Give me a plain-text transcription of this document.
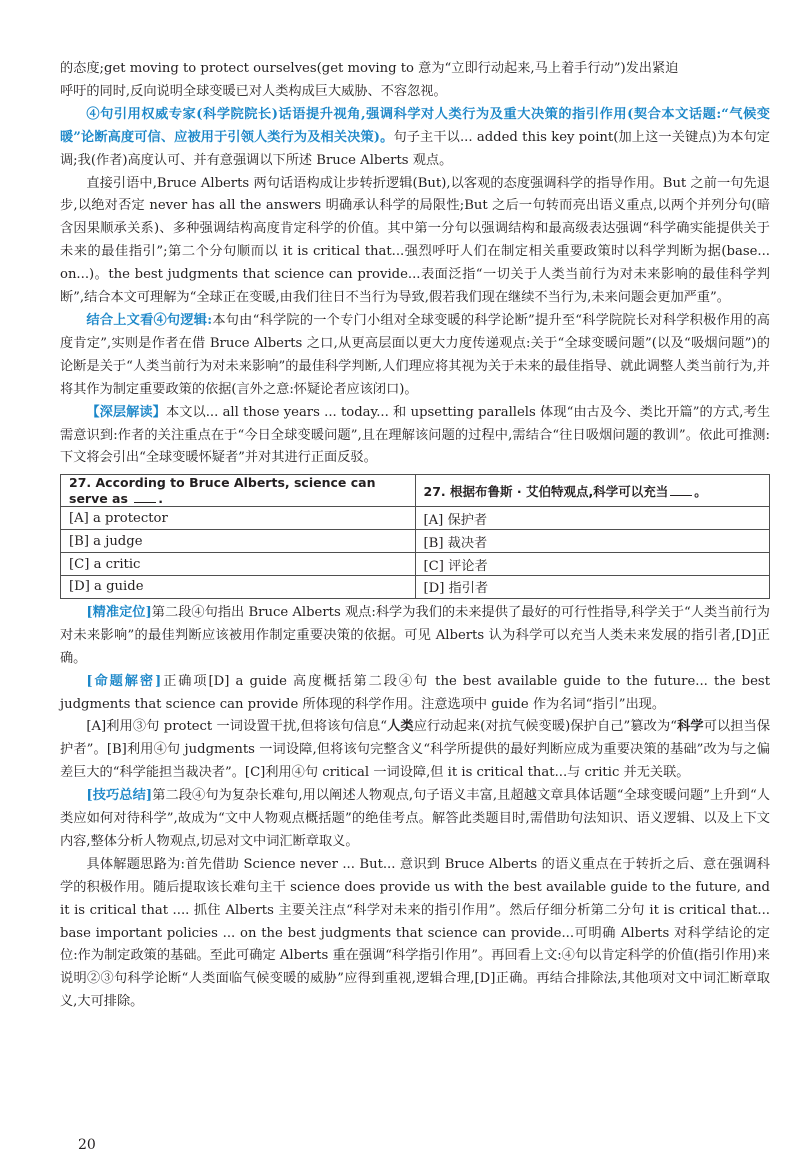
的态度;get moving to protect ourselves(get moving to 意为“立即行动起来,马上着手行动”)发出紧迫
呼吁的同时,反向说明全球变暖已对人类构成巨大威胁、不容忽视。

④句引用权威专家(科学院院长)话语提升视角,强调科学对人类行为及重大决策的指引作用(契合本文话题:“气候变暖”论断高度可信、应被用于引领人类行为及相关决策)。句子主干以... added this key point(加上这一关键点)为本句定调;我(作者)高度认可、并有意强调以下所述 Bruce Alberts 观点。

直接引语中,Bruce Alberts 两句话语构成让步转折逻辑(But),以客观的态度强调科学的指导作用。But 之前一句先退步,以绝对否定 never has all the answers 明确承认科学的局限性;But 之后一句转而亮出语义重点,以两个并列分句(暗含因果顺承关系)、多种强调结构高度肯定科学的价值。其中第一分句以强调结构和最高级表达强调“科学确实能提供关于未来的最佳指引”;第二个分句顺而以 it is critical that...强烈呼吁人们在制定相关重要政策时以科学判断为据(base... on...)。the best judgments that science can provide...表面泛指“一切关于人类当前行为对未来影响的最佳科学判断”,结合本文可理解为“全球正在变暖,由我们往日不当行为导致,假若我们现在继续不当行为,未来问题会更加严重”。

结合上文看④句逻辑:本句由“科学院的一个专门小组对全球变暖的科学论断”提升至“科学院院长对科学积极作用的高度肯定”,实则是作者在借 Bruce Alberts 之口,从更高层面以更大力度传递观点:关于“全球变暖问题”(以及“吸烟问题”)的论断是关于“人类当前行为对未来影响”的最佳科学判断,人们理应将其视为关于未来的最佳指导、就此调整人类当前行为,并将其作为制定重要政策的依据(言外之意:怀疑论者应该闭口)。

【深层解读】本文以... all those years ... today... 和 upsetting parallels 体现“由古及今、类比开篇”的方式,考生需意识到:作者的关注重点在于“今日全球变暖问题”,且在理解该问题的过程中,需结合“往日吸烟问题的教训”。依此可推测:下文将会引出“全球变暖怀疑者”并对其进行正面反驳。

27. According to Bruce Alberts, science can serve as .	27. 根据布鲁斯 · 艾伯特观点,科学可以充当 。
[A] a protector	[A] 保护者
[B] a judge	[B] 裁决者
[C] a critic	[C] 评论者
[D] a guide	[D] 指引者

[精准定位]第二段④句指出 Bruce Alberts 观点:科学为我们的未来提供了最好的可行性指导,科学关于“人类当前行为对未来影响”的最佳判断应该被用作制定重要决策的依据。可见 Alberts 认为科学可以充当人类未来发展的指引者,[D]正确。

[命题解密]正确项[D] a guide 高度概括第二段④句 the best available guide to the future... the best judgments that science can provide 所体现的科学作用。注意选项中 guide 作为名词“指引”出现。

[A]利用③句 protect 一词设置干扰,但将该句信息“人类应行动起来(对抗气候变暖)保护自己”篡改为“科学可以担当保护者”。[B]利用④句 judgments 一词设障,但将该句完整含义“科学所提供的最好判断应成为重要决策的基础”改为与之偏差巨大的“科学能担当裁决者”。[C]利用④句 critical 一词设障,但 it is critical that...与 critic 并无关联。

[技巧总结]第二段④句为复杂长难句,用以阐述人物观点,句子语义丰富,且超越文章具体话题“全球变暖问题”上升到“人类应如何对待科学”,故成为“文中人物观点概括题”的绝佳考点。解答此类题目时,需借助句法知识、语义逻辑、以及上下文内容,整体分析人物观点,切忌对文中词汇断章取义。

具体解题思路为:首先借助 Science never ... But... 意识到 Bruce Alberts 的语义重点在于转折之后、意在强调科学的积极作用。随后提取该长难句主干 science does provide us with the best available guide to the future, and it is critical that .... 抓住 Alberts 主要关注点“科学对未来的指引作用”。然后仔细分析第二分句 it is critical that... base important policies ... on the best judgments that science can provide...可明确 Alberts 对科学结论的定位:作为制定政策的基础。至此可确定 Alberts 重在强调“科学指引作用”。再回看上文:④句以肯定科学的价值(指引作用)来说明②③句科学论断“人类面临气候变暖的威胁”应得到重视,逻辑合理,[D]正确。再结合排除法,其他项对文中词汇断章取义,大可排除。

20
